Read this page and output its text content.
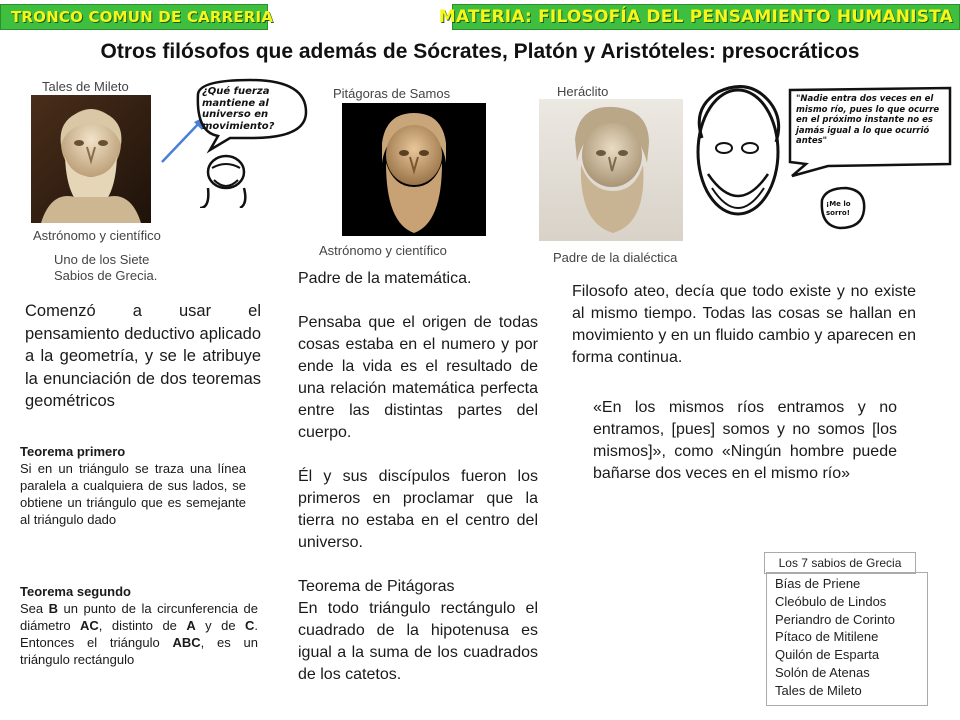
TRONCO COMUN DE CARRERIA	MATERIA: FILOSOFÍA DEL PENSAMIENTO HUMANISTA
Otros filósofos que además de Sócrates, Platón y Aristóteles: presocráticos
Tales de Mileto	¿Qué fuerza mantiene al universo en movimiento?
Astrónomo y científico
Uno de los Siete Sabios de Grecia.
Comenzó a usar el pensamiento deductivo aplicado a la geometría, y se le atribuye la enunciación de dos teoremas geométricos

Teorema primero

Si en un triángulo se traza una línea paralela a cualquiera de sus lados, se obtiene un triángulo que es semejante al triángulo dado

Teorema segundo

Sea B un punto de la circunferencia de diámetro AC, distinto de A y de C. Entonces el triángulo ABC, es un triángulo rectángulo

Pitágoras de Samos
Astrónomo y científico

Padre de la matemática.

Pensaba que el origen de todas cosas estaba en el numero y por ende la vida es el resultado de una relación matemática perfecta entre las distintas partes del cuerpo.

Él y sus discípulos fueron los primeros en proclamar que la tierra no estaba en el centro del universo.

Teorema de Pitágoras

En todo triángulo rectángulo el cuadrado de la hipotenusa es igual a la suma de los cuadrados de los catetos.

Heráclito	"Nadie entra dos veces en el mismo río, pues lo que ocurre en el próximo instante no es jamás igual a lo que ocurrió antes"
¡Me lo sorro!
Padre de la dialéctica
Filosofo ateo, decía que todo existe y no existe al mismo tiempo. Todas las cosas se hallan en movimiento y en un fluido cambio y aparecen en forma continua.
«En los mismos ríos entramos y no entramos, [pues] somos y no somos [los mismos]», como «Ningún hombre puede bañarse dos veces en el mismo río»
Los 7 sabios de Grecia
Bías de Priene
Cleóbulo de Lindos
Periandro de Corinto
Pítaco de Mitilene
Quilón de Esparta
Solón de Atenas
Tales de Mileto
